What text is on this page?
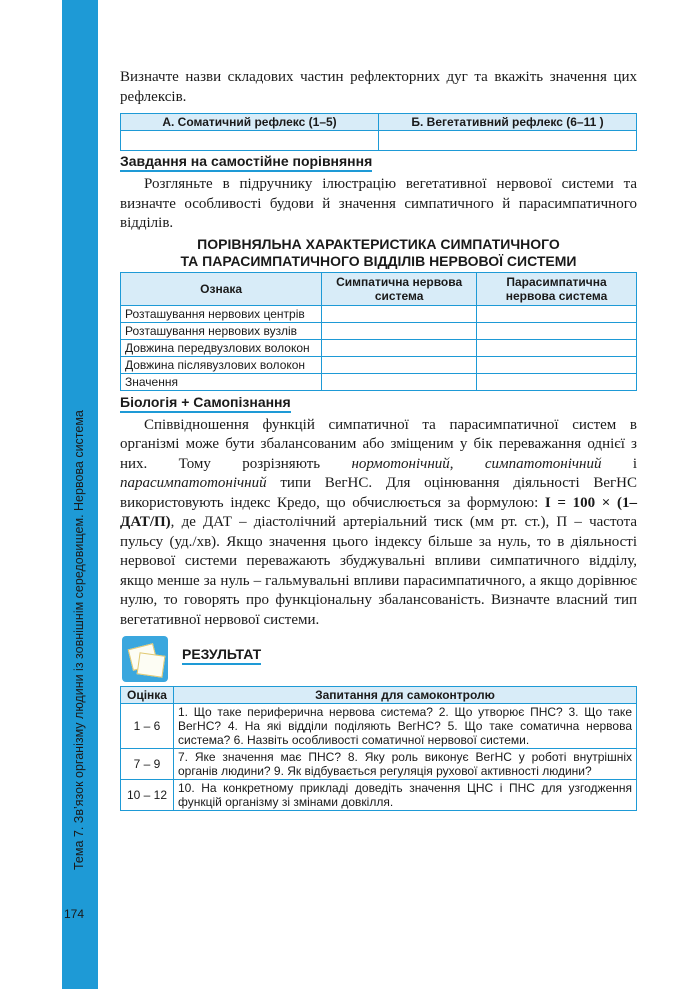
Тема 7. Зв’язок організму людини із зовнішнім середовищем. Нервова система
174

Визначте назви складових частин рефлекторних дуг та вкажіть значення цих рефлексів.

А. Соматичний рефлекс (1–5)	Б. Вегетативний рефлекс (6–11 )

Завдання на самостійне порівняння

Розгляньте в підручнику ілюстрацію вегетативної нервової системи та визначте особливості будови й значення симпатичного й парасимпатичного відділів.

ПОРІВНЯЛЬНА ХАРАКТЕРИСТИКА СИМПАТИЧНОГО
ТА ПАРАСИМПАТИЧНОГО ВІДДІЛІВ НЕРВОВОЇ СИСТЕМИ
Ознака	Симпатична нервова система	Парасимпатична нервова система
Розташування нервових центрів		
Розташування нервових вузлів		
Довжина передвузлових волокон		
Довжина післявузлових волокон		
Значення		
Біологія + Самопізнання

Співвідношення функцій симпатичної та парасимпатичної систем в організмі може бути збалансованим або зміщеним у бік переважання однієї з них. Тому розрізняють нормотонічний, симпатотонічний і парасимпатотонічний типи ВегНС. Для оцінювання діяльності ВегНС використовують індекс Кредо, що обчислюється за формулою: І = 100 × (1–ДАТ/П), де ДАТ – діастолічний артеріальний тиск (мм рт. ст.), П – частота пульсу (уд./хв). Якщо значення цього індексу більше за нуль, то в діяльності нервової системи переважають збуджувальні впливи симпатичного відділу, якщо менше за нуль – гальмувальні впливи парасимпатичного, а якщо дорівнює нулю, то говорять про функціональну збалансованість. Визначте власний тип вегетативної нервової системи.

РЕЗУЛЬТАТ
Оцінка	Запитання для самоконтролю
1 – 6	1. Що таке периферична нервова система? 2. Що утворює ПНС? 3. Що таке ВегНС? 4. На які відділи поділяють ВегНС? 5. Що таке соматична нервова система? 6. Назвіть особливості соматичної нервової системи.
7 – 9	7. Яке значення має ПНС? 8. Яку роль виконує ВегНС у роботі внутрішніх органів людини? 9. Як відбувається регуляція рухової активності людини?
10 – 12	10. На конкретному прикладі доведіть значення ЦНС і ПНС для узгодження функцій організму зі змінами довкілля.
